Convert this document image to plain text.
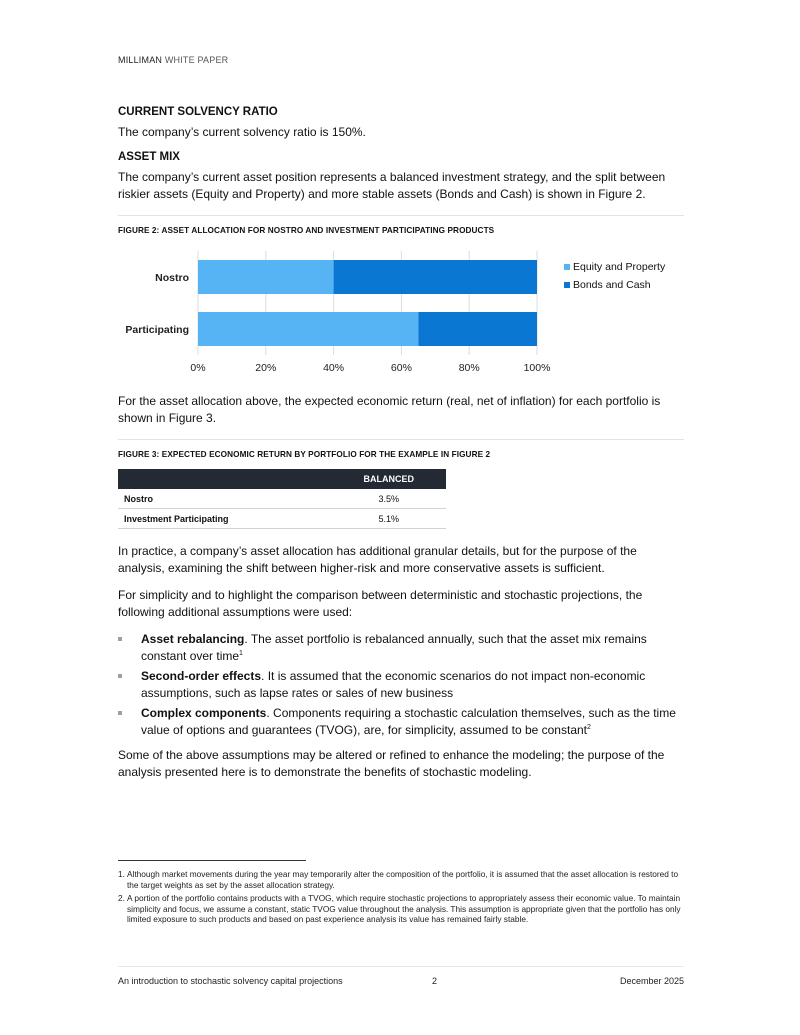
MILLIMAN WHITE PAPER
CURRENT SOLVENCY RATIO

The company’s current solvency ratio is 150%.

ASSET MIX

The company’s current asset position represents a balanced investment strategy, and the split between riskier assets (Equity and Property) and more stable assets (Bonds and Cash) is shown in Figure 2.

FIGURE 2: ASSET ALLOCATION FOR NOSTRO AND INVESTMENT PARTICIPATING PRODUCTS
0%	20%	40%	60%	80%	100%
Nostro
Participating
Equity and Property
Bonds and Cash

For the asset allocation above, the expected economic return (real, net of inflation) for each portfolio is shown in Figure 3.

FIGURE 3: EXPECTED ECONOMIC RETURN BY PORTFOLIO FOR THE EXAMPLE IN FIGURE 2
	BALANCED
Nostro	3.5%
Investment Participating	5.1%

In practice, a company’s asset allocation has additional granular details, but for the purpose of the analysis, examining the shift between higher-risk and more conservative assets is sufficient.

For simplicity and to highlight the comparison between deterministic and stochastic projections, the following additional assumptions were used:

Asset rebalancing. The asset portfolio is rebalanced annually, such that the asset mix remains constant over time$^1$
Second-order effects. It is assumed that the economic scenarios do not impact non-economic assumptions, such as lapse rates or sales of new business
Complex components. Components requiring a stochastic calculation themselves, such as the time value of options and guarantees (TVOG), are, for simplicity, assumed to be constant$^2$

Some of the above assumptions may be altered or refined to enhance the modeling; the purpose of the analysis presented here is to demonstrate the benefits of stochastic modeling.

1. Although market movements during the year may temporarily alter the composition of the portfolio, it is assumed that the asset allocation is restored to the target weights as set by the asset allocation strategy.
2. A portion of the portfolio contains products with a TVOG, which require stochastic projections to appropriately assess their economic value. To maintain simplicity and focus, we assume a constant, static TVOG value throughout the analysis. This assumption is appropriate given that the portfolio has only limited exposure to such products and based on past experience analysis its value has remained fairly stable.
An introduction to stochastic solvency capital projections	2	December 2025
